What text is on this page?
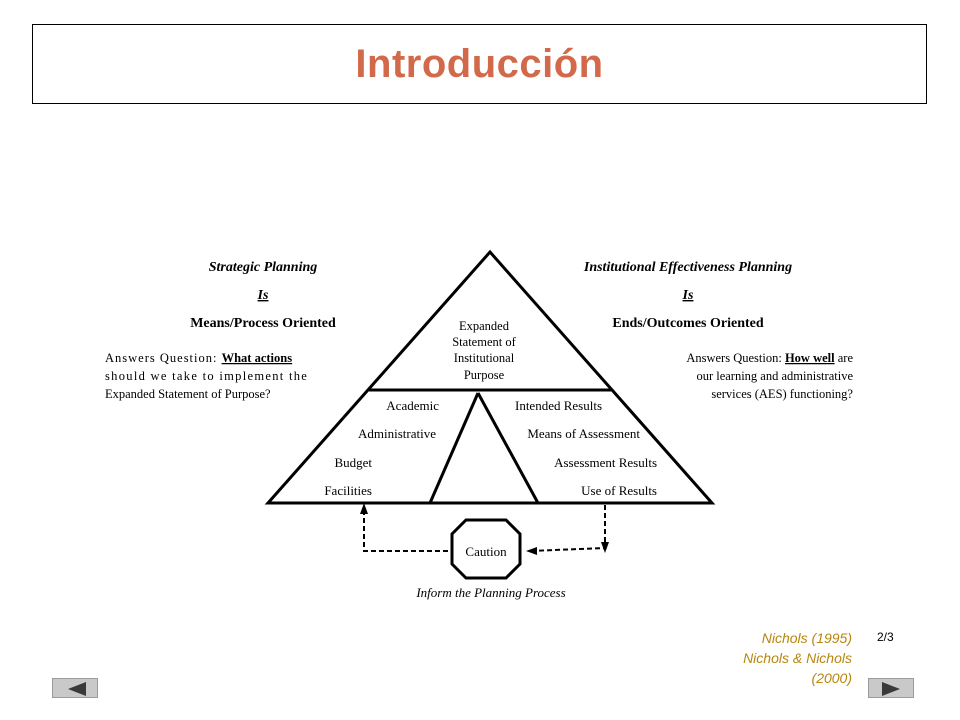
Introducción
Strategic Planning
Is
Means/Process Oriented
Answers Question: What actions
should we take to implement the
Expanded Statement of Purpose?
Institutional Effectiveness Planning
Is
Ends/Outcomes Oriented
Answers Question: How well are
our learning and administrative
services (AES) functioning?
Expanded
Statement of
Institutional
Purpose
Academic
Administrative
Budget
Facilities
Intended Results
Means of Assessment
Assessment Results
Use of Results
Caution
Inform the Planning Process
Nichols (1995)
Nichols & Nichols
(2000)
2/3
